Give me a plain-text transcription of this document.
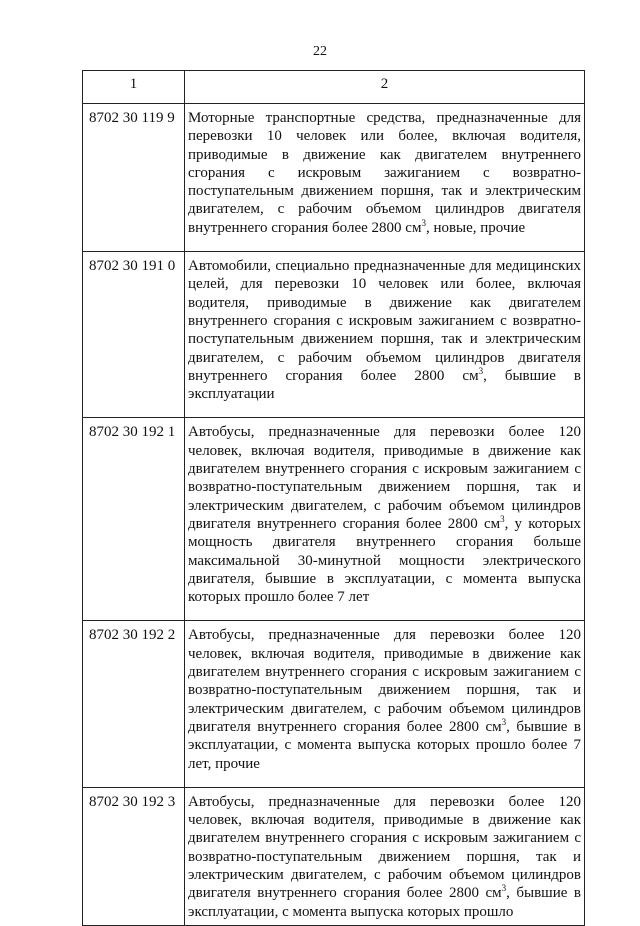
22
1	2
8702 30 119 9	Моторные транспортные средства, предназначенные для перевозки 10 человек или более, включая водителя, приводимые в движение как двигателем внутреннего сгорания с искровым зажиганием с возвратно-поступательным движением поршня, так и электрическим двигателем, с рабочим объемом цилиндров двигателя внутреннего сгорания более 2800 $см^3$, новые, прочие
8702 30 191 0	Автомобили, специально предназначенные для медицинских целей, для перевозки 10 человек или более, включая водителя, приводимые в движение как двигателем внутреннего сгорания с искровым зажиганием с возвратно-поступательным движением поршня, так и электрическим двигателем, с рабочим объемом цилиндров двигателя внутреннего сгорания более 2800 $см^3$, бывшие в эксплуатации
8702 30 192 1	Автобусы, предназначенные для перевозки более 120 человек, включая водителя, приводимые в движение как двигателем внутреннего сгорания с искровым зажиганием с возвратно-поступательным движением поршня, так и электрическим двигателем, с рабочим объемом цилиндров двигателя внутреннего сгорания более 2800 $см^3$, у которых мощность двигателя внутреннего сгорания больше максимальной 30-минутной мощности электрического двигателя, бывшие в эксплуатации, с момента выпуска которых прошло более 7 лет
8702 30 192 2	Автобусы, предназначенные для перевозки более 120 человек, включая водителя, приводимые в движение как двигателем внутреннего сгорания с искровым зажиганием с возвратно-поступательным движением поршня, так и электрическим двигателем, с рабочим объемом цилиндров двигателя внутреннего сгорания более 2800 $см^3$, бывшие в эксплуатации, с момента выпуска которых прошло более 7 лет, прочие
8702 30 192 3	Автобусы, предназначенные для перевозки более 120 человек, включая водителя, приводимые в движение как двигателем внутреннего сгорания с искровым зажиганием с возвратно-поступательным движением поршня, так и электрическим двигателем, с рабочим объемом цилиндров двигателя внутреннего сгорания более 2800 $см^3$, бывшие в эксплуатации, с момента выпуска которых прошло
